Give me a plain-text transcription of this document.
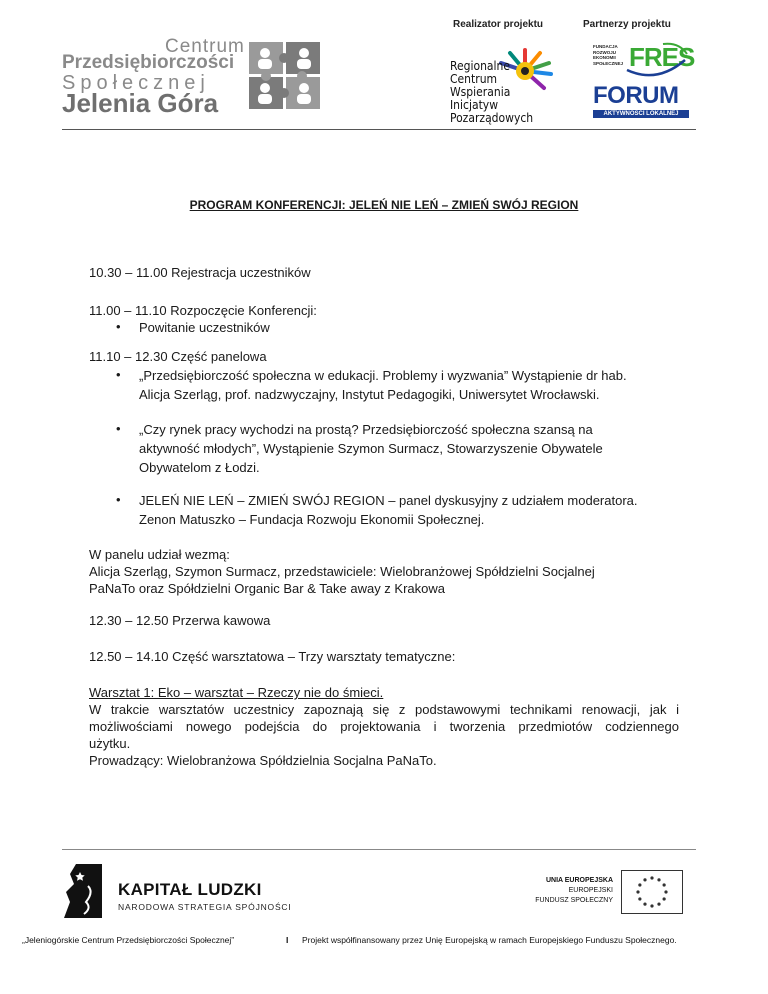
Realizator projektu	Partnerzy projektu
Centrum
Przedsiębiorczości
Społecznej
Jelenia Góra
Regionalne
Centrum
Wspierania
Inicjatyw Pozarządowych
FUNDACJA
ROZWOJU
EKONOMII
SPOŁECZNEJ FRES
FORUM
AKTYWNOŚCI LOKALNEJ
PROGRAM KONFERENCJI: JELEŃ NIE LEŃ – ZMIEŃ SWÓJ REGION
10.30 – 11.00 Rejestracja uczestników
11.00 – 11.10 Rozpoczęcie Konferencji:
• Powitanie uczestników
11.10 – 12.30 Część panelowa
• „Przedsiębiorczość społeczna w edukacji. Problemy i wyzwania” Wystąpienie dr hab.
Alicja Szerląg, prof. nadzwyczajny, Instytut Pedagogiki, Uniwersytet Wrocławski.
• „Czy rynek pracy wychodzi na prostą? Przedsiębiorczość społeczna szansą na
aktywność młodych”, Wystąpienie Szymon Surmacz, Stowarzyszenie Obywatele
Obywatelom z Łodzi.
• JELEŃ NIE LEŃ – ZMIEŃ SWÓJ REGION – panel dyskusyjny z udziałem moderatora.
Zenon Matuszko – Fundacja Rozwoju Ekonomii Społecznej.
W panelu udział wezmą:
Alicja Szerląg, Szymon Surmacz, przedstawiciele: Wielobranżowej Spółdzielni Socjalnej
PaNaTo oraz Spółdzielni Organic Bar & Take away z Krakowa
12.30 – 12.50 Przerwa kawowa
12.50 – 14.10 Część warsztatowa – Trzy warsztaty tematyczne:
Warsztat 1: Eko – warsztat – Rzeczy nie do śmieci.
W trakcie warsztatów uczestnicy zapoznają się z podstawowymi technikami renowacji, jak i
możliwościami nowego podejścia do projektowania i tworzenia przedmiotów codziennego
użytku.
Prowadzący: Wielobranżowa Spółdzielnia Socjalna PaNaTo.
KAPITAŁ LUDZKI
NARODOWA STRATEGIA SPÓJNOŚCI
UNIA EUROPEJSKA
EUROPEJSKI
FUNDUSZ SPOŁECZNY
„Jeleniogórskie Centrum Przedsiębiorczości Społecznej”	I Projekt współfinansowany przez Unię Europejską w ramach Europejskiego Funduszu Społecznego.
